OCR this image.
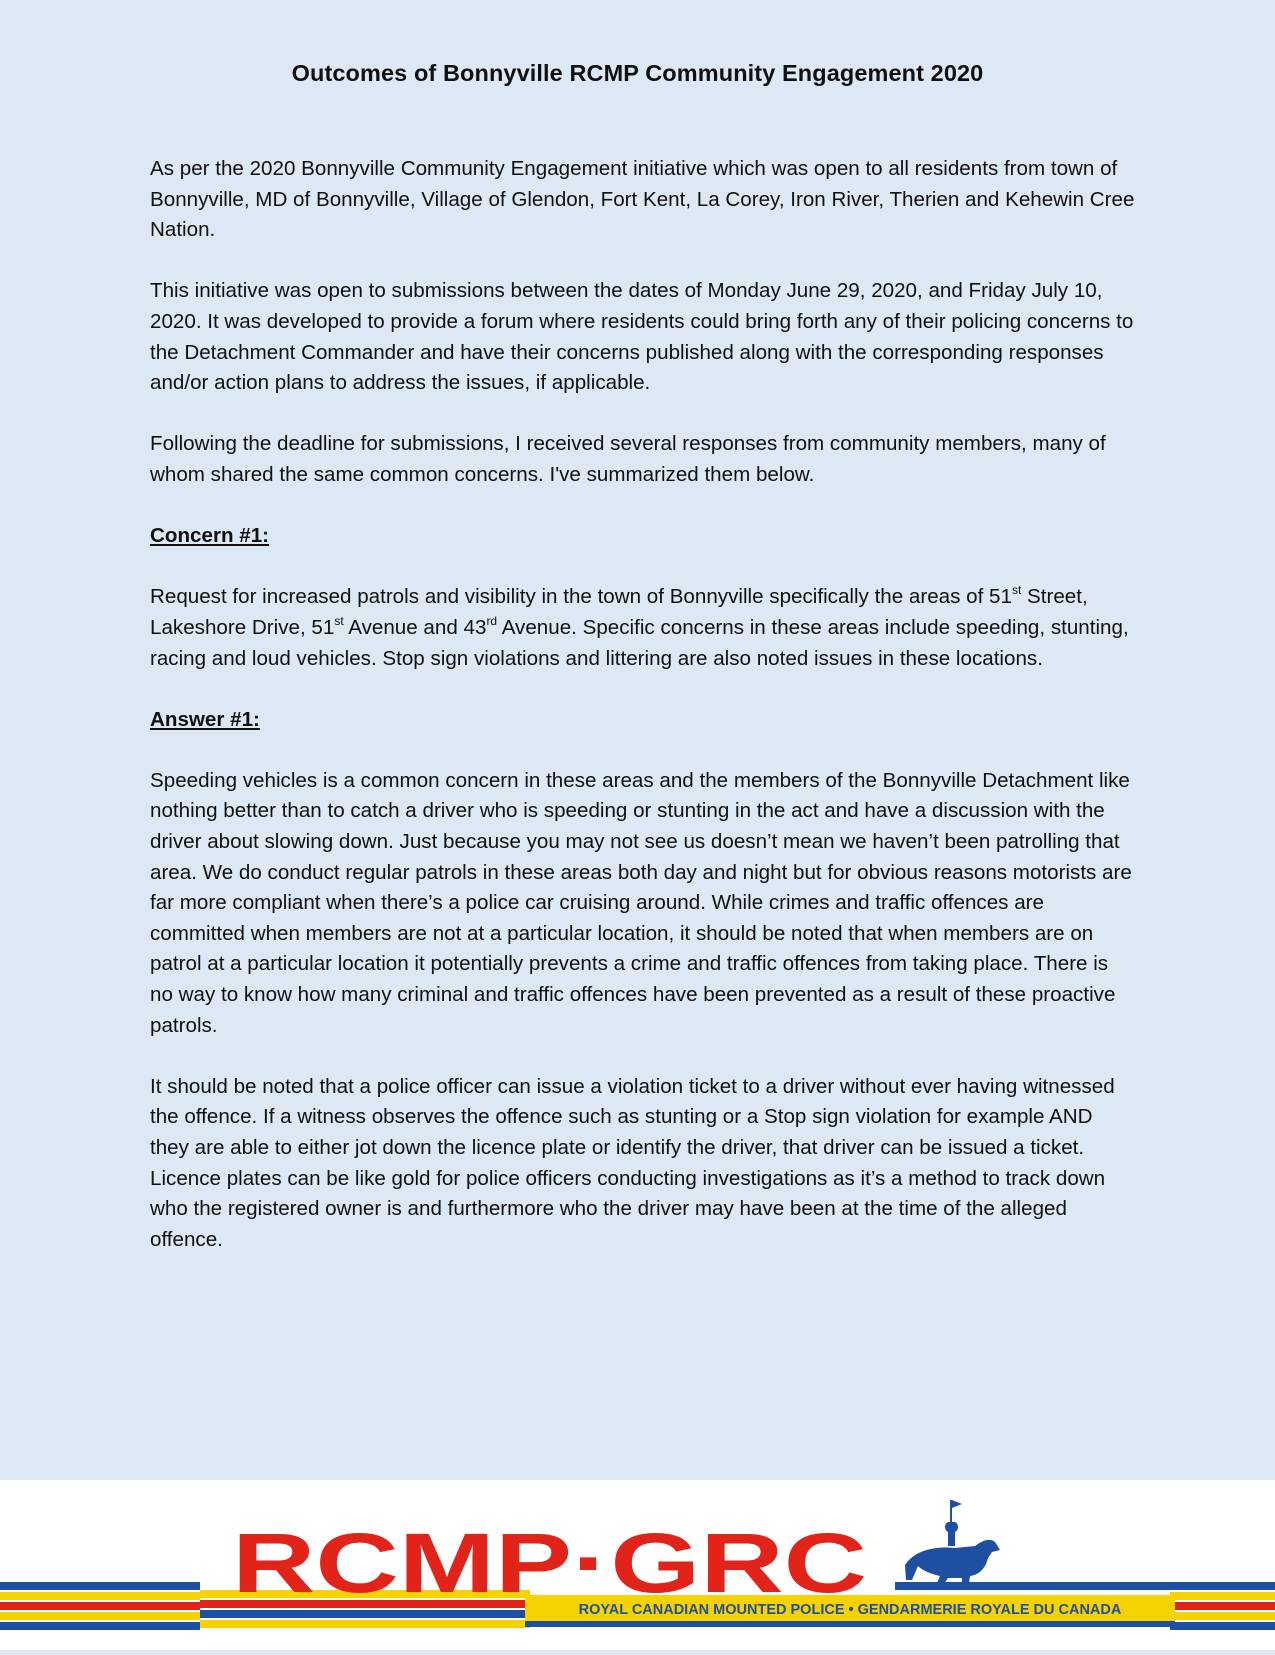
Outcomes of Bonnyville RCMP Community Engagement 2020

As per the 2020 Bonnyville Community Engagement initiative which was open to all residents from town of Bonnyville, MD of Bonnyville, Village of Glendon, Fort Kent, La Corey, Iron River, Therien and Kehewin Cree Nation.

This initiative was open to submissions between the dates of Monday June 29, 2020, and Friday July 10, 2020. It was developed to provide a forum where residents could bring forth any of their policing concerns to the Detachment Commander and have their concerns published along with the corresponding responses and/or action plans to address the issues, if applicable.

Following the deadline for submissions, I received several responses from community members, many of whom shared the same common concerns. I've summarized them below.

Concern #1:

Request for increased patrols and visibility in the town of Bonnyville specifically the areas of 51st Street, Lakeshore Drive, 51st Avenue and 43rd Avenue. Specific concerns in these areas include speeding, stunting, racing and loud vehicles. Stop sign violations and littering are also noted issues in these locations.

Answer #1:

Speeding vehicles is a common concern in these areas and the members of the Bonnyville Detachment like nothing better than to catch a driver who is speeding or stunting in the act and have a discussion with the driver about slowing down. Just because you may not see us doesn’t mean we haven’t been patrolling that area. We do conduct regular patrols in these areas both day and night but for obvious reasons motorists are far more compliant when there’s a police car cruising around. While crimes and traffic offences are committed when members are not at a particular location, it should be noted that when members are on patrol at a particular location it potentially prevents a crime and traffic offences from taking place. There is no way to know how many criminal and traffic offences have been prevented as a result of these proactive patrols.

It should be noted that a police officer can issue a violation ticket to a driver without ever having witnessed the offence. If a witness observes the offence such as stunting or a Stop sign violation for example AND they are able to either jot down the licence plate or identify the driver, that driver can be issued a ticket. Licence plates can be like gold for police officers conducting investigations as it’s a method to track down who the registered owner is and furthermore who the driver may have been at the time of the alleged offence.

ROYAL CANADIAN MOUNTED POLICE • GENDARMERIE ROYALE DU CANADA
RCMP·GRC
